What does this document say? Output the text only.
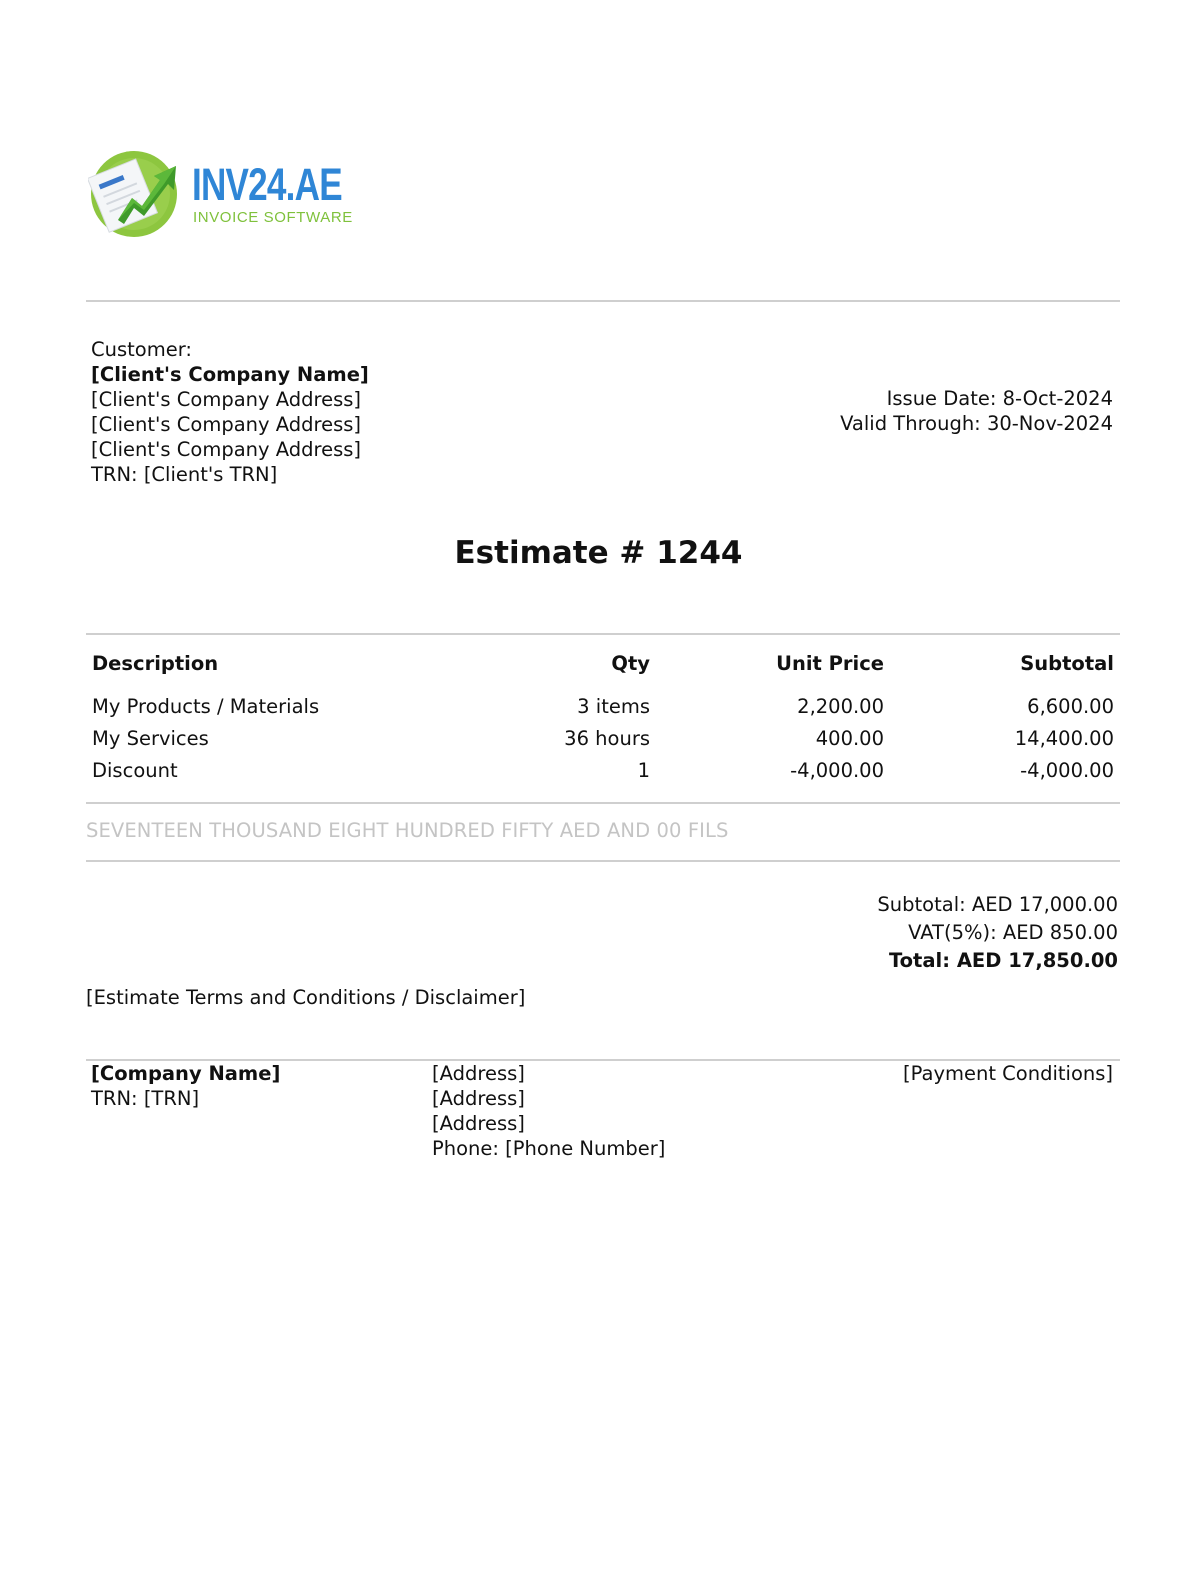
INV24.AE
INVOICE SOFTWARE
Customer:
[Client's Company Name]
[Client's Company Address]
[Client's Company Address]
[Client's Company Address]
TRN: [Client's TRN]
Issue Date: 8-Oct-2024
Valid Through: 30-Nov-2024
Estimate # 1244
Description	Qty	Unit Price	Subtotal
My Products / Materials	3 items	2,200.00	6,600.00
My Services	36 hours	400.00	14,400.00
Discount	1	-4,000.00	-4,000.00
SEVENTEEN THOUSAND EIGHT HUNDRED FIFTY AED AND 00 FILS
Subtotal: AED 17,000.00
VAT(5%): AED 850.00
Total: AED 17,850.00
[Estimate Terms and Conditions / Disclaimer]
[Company Name]
TRN: [TRN]
[Address]
[Address]
[Address]
Phone: [Phone Number]
[Payment Conditions]
